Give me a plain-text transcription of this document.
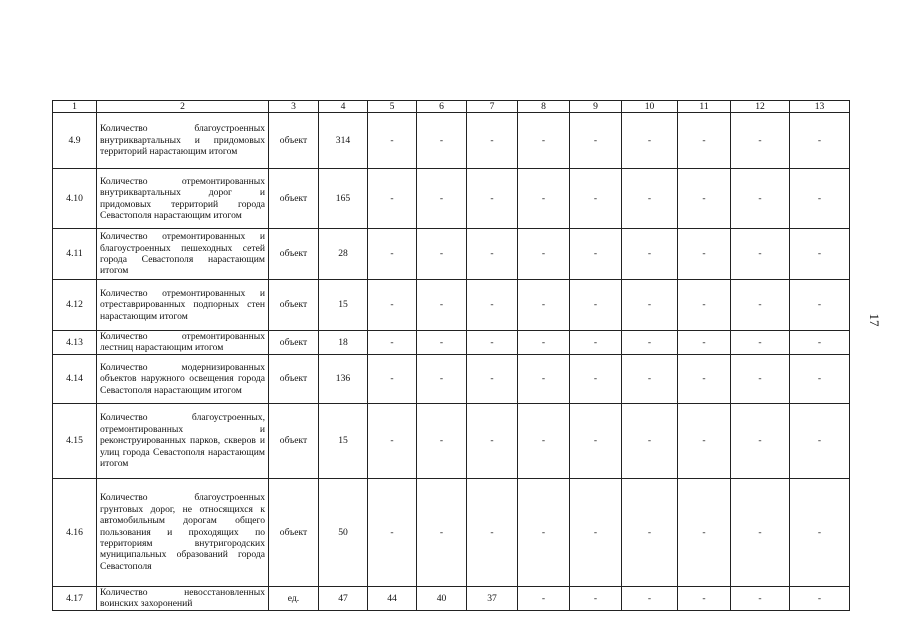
1	2	3	4	5	6	7	8	9	10	11	12	13
4.9	Количество благоустроенных внутриквартальных и придомовых территорий нарастающим итогом	объект	314	-	-	-	-	-	-	-	-	-
4.10	Количество отремонтированных внутриквартальных дорог и придомовых территорий города Севастополя нарастающим итогом	объект	165	-	-	-	-	-	-	-	-	-
4.11	Количество отремонтированных и благоустроенных пешеходных сетей города Севастополя нарастающим итогом	объект	28	-	-	-	-	-	-	-	-	-
4.12	Количество отремонтированных и отреставрированных подпорных стен нарастающим итогом	объект	15	-	-	-	-	-	-	-	-	-
4.13	Количество отремонтированных лестниц нарастающим итогом	объект	18	-	-	-	-	-	-	-	-	-
4.14	Количество модернизированных объектов наружного освещения города Севастополя нарастающим итогом	объект	136	-	-	-	-	-	-	-	-	-
4.15	Количество благоустроенных, отремонтированных и реконструированных парков, скверов и улиц города Севастополя нарастающим итогом	объект	15	-	-	-	-	-	-	-	-	-
4.16	Количество благоустроенных грунтовых дорог, не относящихся к автомобильным дорогам общего пользования и проходящих по территориям внутригородских муниципальных образований города Севастополя	объект	50	-	-	-	-	-	-	-	-	-
4.17	Количество невосстановленных воинских захоронений	ед.	47	44	40	37	-	-	-	-	-	-
17
